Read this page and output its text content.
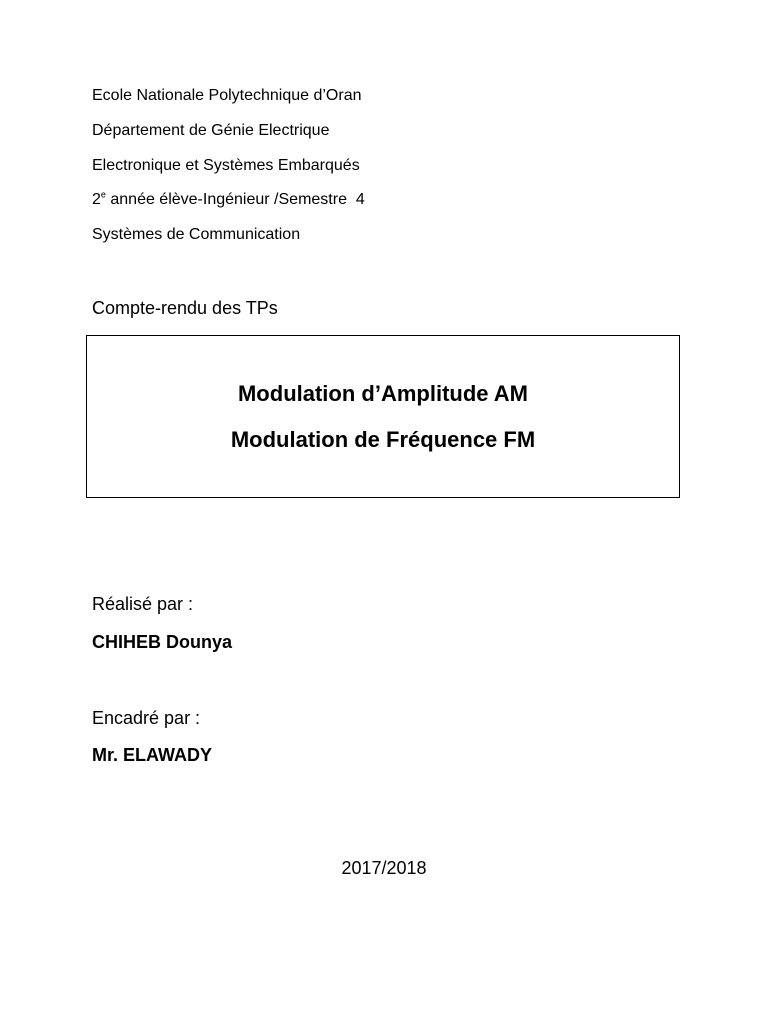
Ecole Nationale Polytechnique d’Oran
Département de Génie Electrique
Electronique et Systèmes Embarqués
2e année élève-Ingénieur /Semestre  4
Systèmes de Communication
Compte-rendu des TPs
Modulation d’Amplitude AM
Modulation de Fréquence FM
Réalisé par :
CHIHEB Dounya
Encadré par :
Mr. ELAWADY
2017/2018
